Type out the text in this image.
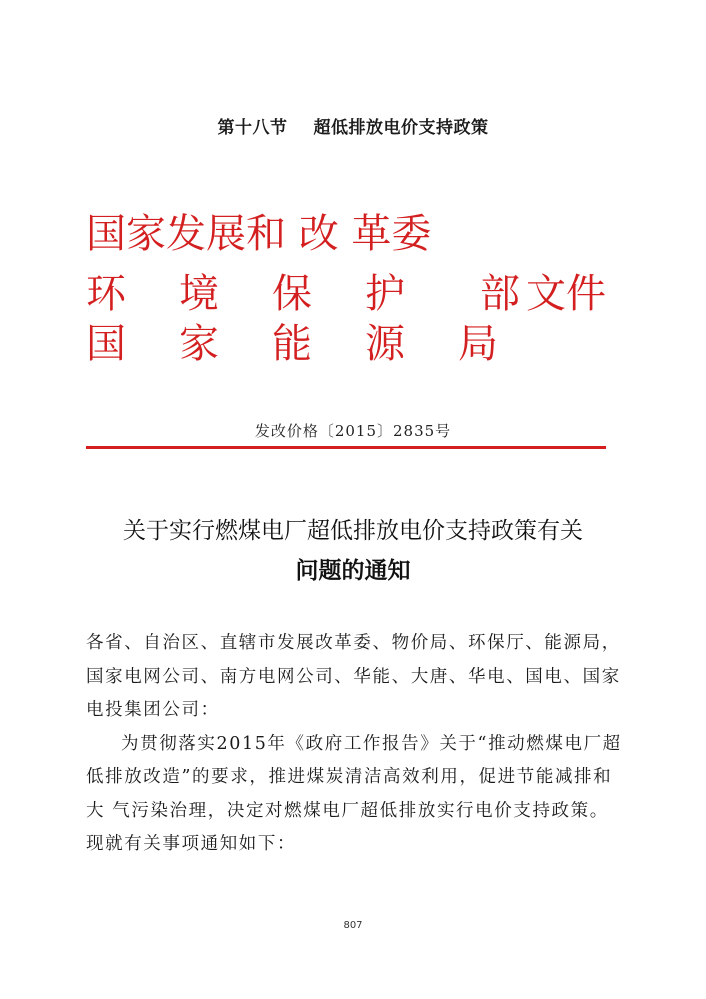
第十八节 超低排放电价支持政策
国家发展和 改 革委
环 境 保 护 部 文件
国 家 能 源 局
发改价格〔2015〕2835号
关于实行燃煤电厂超低排放电价支持政策有关
问题的通知

各省、自治区、直辖市发展改革委、物价局、环保厅、能源局，国家电网公司、南方电网公司、华能、大唐、华电、国电、国家电投集团公司：

为贯彻落实2015年《政府工作报告》关于“推动燃煤电厂超 低排放改造”的要求，推进煤炭清洁高效利用，促进节能减排和大 气污染治理，决定对燃煤电厂超低排放实行电价支持政策。现就有关事项通知如下：

807
